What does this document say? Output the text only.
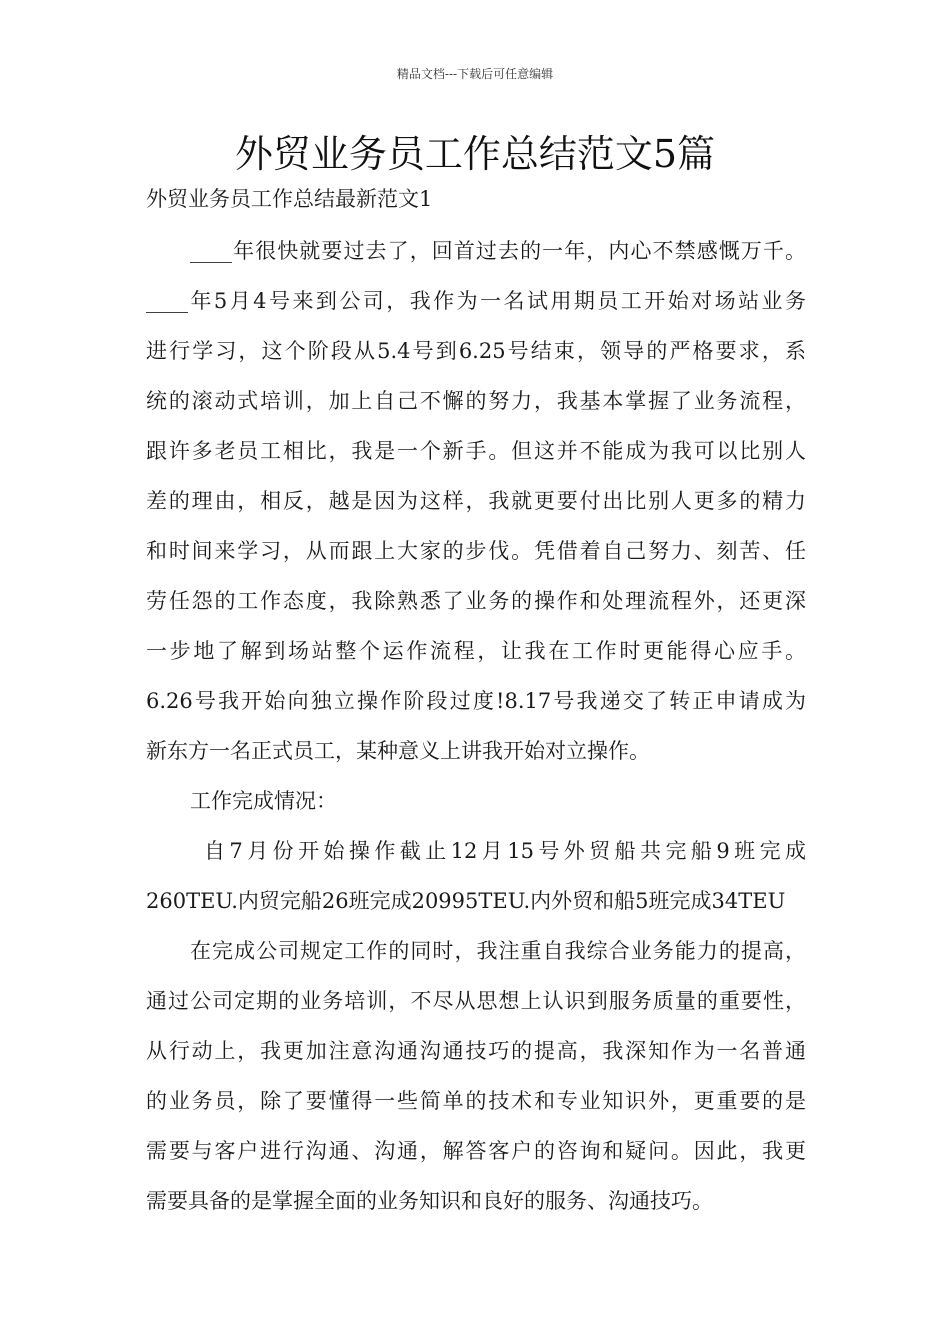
精品文档---下载后可任意编辑
外贸业务员工作总结范文5篇
外贸业务员工作总结最新范文1
____年很快就要过去了，回首过去的一年，内心不禁感慨万千。
____年5月4号来到公司，我作为一名试用期员工开始对场站业务
进行学习，这个阶段从5.4号到6.25号结束，领导的严格要求，系
统的滚动式培训，加上自己不懈的努力，我基本掌握了业务流程，
跟许多老员工相比，我是一个新手。但这并不能成为我可以比别人
差的理由，相反，越是因为这样，我就更要付出比别人更多的精力
和时间来学习，从而跟上大家的步伐。凭借着自己努力、刻苦、任
劳任怨的工作态度，我除熟悉了业务的操作和处理流程外，还更深
一步地了解到场站整个运作流程，让我在工作时更能得心应手。
6.26号我开始向独立操作阶段过度!8.17号我递交了转正申请成为
新东方一名正式员工，某种意义上讲我开始对立操作。
工作完成情况：
自7月份开始操作截止12月15号外贸船共完船9班完成
260TEU.内贸完船26班完成20995TEU.内外贸和船5班完成34TEU
在完成公司规定工作的同时，我注重自我综合业务能力的提高，
通过公司定期的业务培训，不尽从思想上认识到服务质量的重要性，
从行动上，我更加注意沟通沟通技巧的提高，我深知作为一名普通
的业务员，除了要懂得一些简单的技术和专业知识外，更重要的是
需要与客户进行沟通、沟通，解答客户的咨询和疑问。因此，我更
需要具备的是掌握全面的业务知识和良好的服务、沟通技巧。
